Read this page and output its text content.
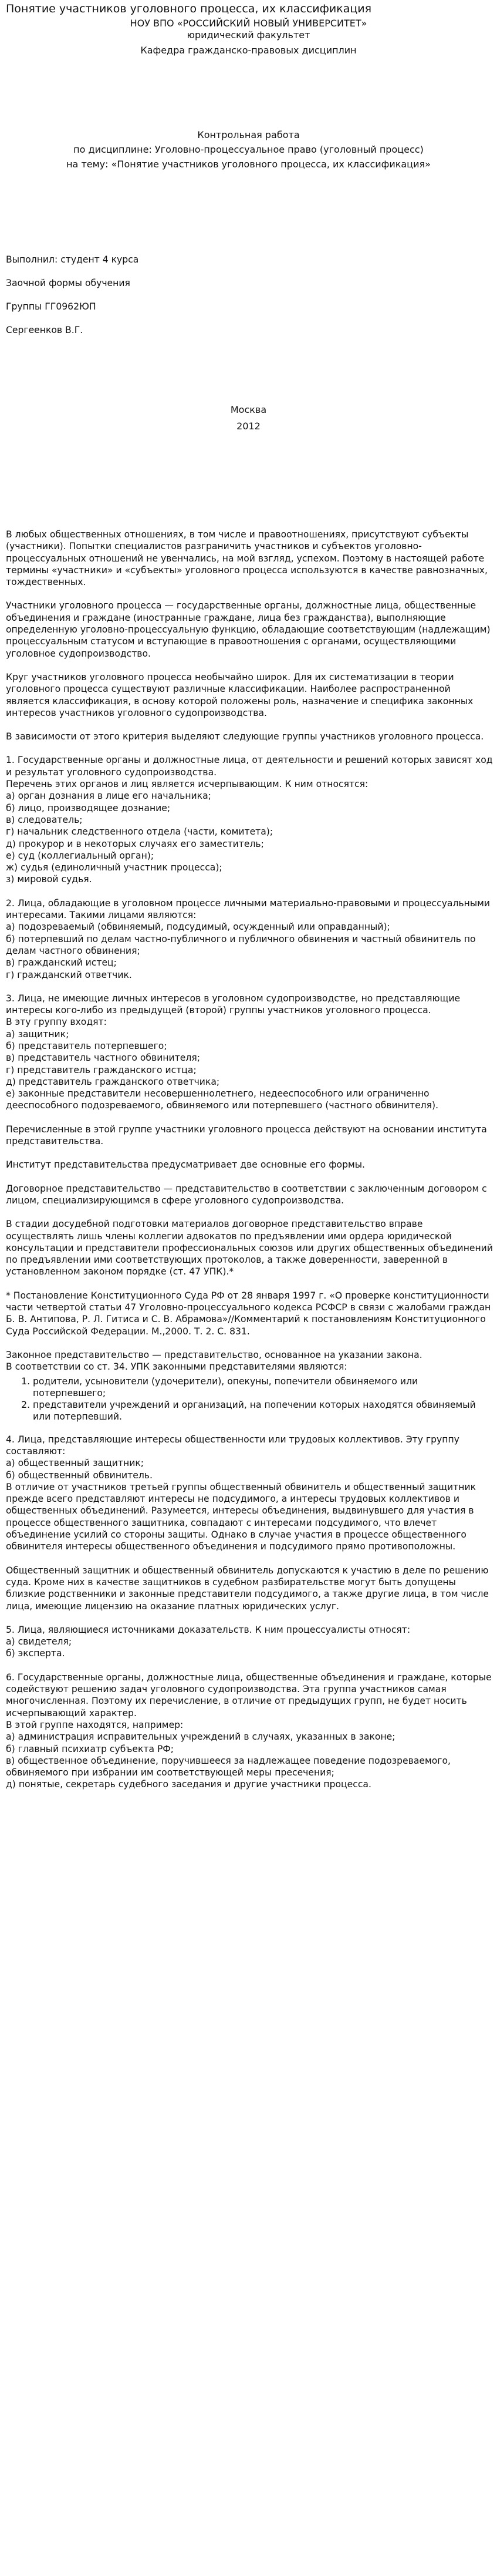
Понятие участников уголовного процесса, их классификация
НОУ ВПО «РОССИЙСКИЙ НОВЫЙ УНИВЕРСИТЕТ»
юридический факультет
Кафедра гражданско-правовых дисциплин
Контрольная работа
по дисциплине: Уголовно-процессуальное право (уголовный процесс)
на тему: «Понятие участников уголовного процесса, их классификация»
Выполнил: студент 4 курса
Заочной формы обучения
Группы ГГ0962ЮП
Сергеенков В.Г.
Москва
2012

В любых общественных отношениях, в том числе и правоотношениях, присутствуют субъекты (участники). Попытки специалистов разграничить участников и субъектов уголовно-процессуальных отношений не увенчались, на мой взгляд, успехом. Поэтому в настоящей работе термины «участники» и «субъекты» уголовного процесса используются в качестве равнозначных, тождественных.

Участники уголовного процесса — государственные органы, должностные лица, общественные объединения и граждане (иностранные граждане, лица без гражданства), выполняющие определенную уголовно-процессуальную функцию, обладающие соответствующим (надлежащим) процессуальным статусом и вступающие в правоотношения с органами, осуществляющими уголовное судопроизводство.

Круг участников уголовного процесса необычайно широк. Для их систематизации в теории уголовного процесса существуют различные классификации. Наиболее распространенной является классификация, в основу которой положены роль, назначение и специфика законных интересов участников уголовного судопроизводства.

В зависимости от этого критерия выделяют следующие группы участников уголовного процесса.

1. Государственные органы и должностные лица, от деятельности и решений которых зависят ход и результат уголовного судопроизводства.
Перечень этих органов и лиц является исчерпывающим. К ним относятся:
а) орган дознания в лице его начальника;
б) лицо, производящее дознание;
в) следователь;
г) начальник следственного отдела (части, комитета);
д) прокурор и в некоторых случаях его заместитель;
е) суд (коллегиальный орган);
ж) судья (единоличный участник процесса);
з) мировой судья.

2. Лица, обладающие в уголовном процессе личными материально-правовыми и процессуальными интересами. Такими лицами являются:
а) подозреваемый (обвиняемый, подсудимый, осужденный или оправданный);
б) потерпевший по делам частно-публичного и публичного обвинения и частный обвинитель по делам частного обвинения;
в) гражданский истец;
г) гражданский ответчик.

3. Лица, не имеющие личных интересов в уголовном судопроизводстве, но представляющие интересы кого-либо из предыдущей (второй) группы участников уголовного процесса.
В эту группу входят:
а) защитник;
б) представитель потерпевшего;
в) представитель частного обвинителя;
г) представитель гражданского истца;
д) представитель гражданского ответчика;
е) законные представители несовершеннолетнего, недееспособного или ограниченно дееспособного подозреваемого, обвиняемого или потерпевшего (частного обвинителя).

Перечисленные в этой группе участники уголовного процесса действуют на основании института представительства.

Институт представительства предусматривает две основные его формы.

Договорное представительство — представительство в соответствии с заключенным договором с лицом, специализирующимся в сфере уголовного судопроизводства.

В стадии досудебной подготовки материалов договорное представительство вправе осуществлять лишь члены коллегии адвокатов по предъявлении ими ордера юридической консультации и представители профессиональных союзов или других общественных объединений по предъявлении ими соответствующих протоколов, а также доверенности, заверенной в установленном законом порядке (ст. 47 УПК).*

* Постановление Конституционного Суда РФ от 28 января 1997 г. «О проверке конституционности части четвертой статьи 47 Уголовно-процессуального кодекса РСФСР в связи с жалобами граждан Б. В. Антипова, Р. Л. Гитиса и С. В. Абрамова»//Комментарий к постановлениям Конституционного Суда Российской Федерации. М.,2000. Т. 2. С. 831.

Законное представительство — представительство, основанное на указании закона.
В соответствии со ст. 34. УПК законными представителями являются:

1. родители, усыновители (удочерители), опекуны, попечители обвиняемого или потерпевшего;
2. представители учреждений и организаций, на попечении которых находятся обвиняемый или потерпевший.

4. Лица, представляющие интересы общественности или трудовых коллективов. Эту группу составляют:
а) общественный защитник;
б) общественный обвинитель.
В отличие от участников третьей группы общественный обвинитель и общественный защитник прежде всего представляют интересы не подсудимого, а интересы трудовых коллективов и общественных объединений. Разумеется, интересы объединения, выдвинувшего для участия в процессе общественного защитника, совпадают с интересами подсудимого, что влечет объединение усилий со стороны защиты. Однако в случае участия в процессе общественного обвинителя интересы общественного объединения и подсудимого прямо противоположны.

Общественный защитник и общественный обвинитель допускаются к участию в деле по решению суда. Кроме них в качестве защитников в судебном разбирательстве могут быть допущены близкие родственники и законные представители подсудимого, а также другие лица, в том числе лица, имеющие лицензию на оказание платных юридических услуг.

5. Лица, являющиеся источниками доказательств. К ним процессуалисты относят:
а) свидетеля;
б) эксперта.

6. Государственные органы, должностные лица, общественные объединения и граждане, которые содействуют решению задач уголовного судопроизводства. Эта группа участников самая многочисленная. Поэтому их перечисление, в отличие от предыдущих групп, не будет носить исчерпывающий характер.
В этой группе находятся, например:
а) администрация исправительных учреждений в случаях, указанных в законе;
б) главный психиатр субъекта РФ;
в) общественное объединение, поручившееся за надлежащее поведение подозреваемого, обвиняемого при избрании им соответствующей меры пресечения;
д) понятые, секретарь судебного заседания и другие участники процесса.
